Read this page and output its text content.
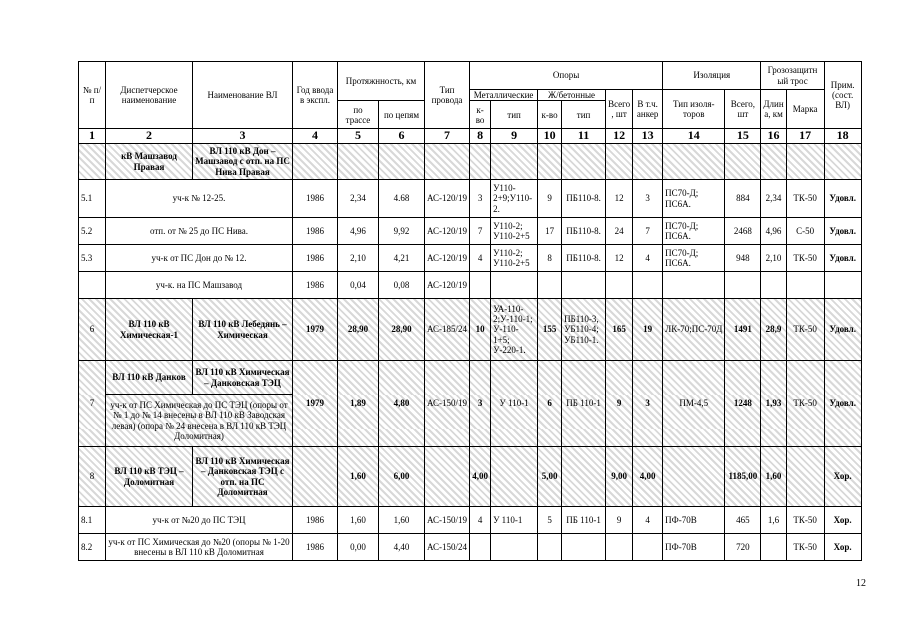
№ п/п	Диспетчерское наименование	Наименование ВЛ	Год ввода в экспл.	Протяжнность, км		Тип провода	Опоры						Изоляция		Грозозащитн ый трос		Прим. (сост. ВЛ)
							Металлические		Ж/бетонные		Всего , шт	В т.ч. анкер	Тип изоля-торов	Всего, шт	Длин а, км	Марка	
				по трассе	по цепям		к-во	тип	к-во	тип							
1	2	3	4	5	6	7	8	9	10	11	12	13	14	15	16	17	18
	кВ Машзавод Правая	ВЛ 110 кВ Дон – Машзавод с отп. на ПС Нива Правая															
5.1	уч-к № 12-25.		1986	2,34	4.68	АС-120/19	3	У110-2+9;У110-2.	9	ПБ110-8.	12	3	ПС70-Д; ПС6А.	884	2,34	ТК-50	Удовл.
5.2	отп. от № 25 до ПС Нива.		1986	4,96	9,92	АС-120/19	7	У110-2; У110-2+5	17	ПБ110-8.	24	7	ПС70-Д; ПС6А.	2468	4,96	С-50	Удовл.
5.3	уч-к от ПС Дон до № 12.		1986	2,10	4,21	АС-120/19	4	У110-2; У110-2+5	8	ПБ110-8.	12	4	ПС70-Д; ПС6А.	948	2,10	ТК-50	Удовл.
	уч-к. на ПС Машзавод		1986	0,04	0,08	АС-120/19											
6	ВЛ 110 кВ Химическая-1	ВЛ 110 кВ Лебедянь – Химическая	1979	28,90	28,90	АС-185/24	10	УА-110-2;У-110-1; У-110-1+5; У-220-1.	155	ПБ110-3, УБ110-4; УБ110-1.	165	19	ЛК-70;ПС-70Д	1491	28,9	ТК-50	Удовл.
7	ВЛ 110 кВ Данков	ВЛ 110 кВ Химическая – Данковская ТЭЦ	1979	1,89	4,80	АС-150/19	3	У 110-1	6	ПБ 110-1	9	3	ПМ-4,5	1248	1,93	ТК-50	Удовл.
	уч-к от ПС Химическая до ПС ТЭЦ (опоры от № 1 до № 14 внесены в ВЛ 110 кВ Заводская левая) (опора № 24 внесена в ВЛ 110 кВ ТЭЦ Доломитная)																
8	ВЛ 110 кВ ТЭЦ – Доломитная	ВЛ 110 кВ Химическая – Данковская ТЭЦ с отп. на ПС Доломитная		1,60	6,00		4,00		5,00		9,00	4,00		1185,00	1,60		Хор.
8.1	уч-к от №20 до ПС ТЭЦ		1986	1,60	1,60	АС-150/19	4	У 110-1	5	ПБ 110-1	9	4	ПФ-70В	465	1,6	ТК-50	Хор.
8.2	уч-к от ПС Химическая до №20 (опоры № 1-20 внесены в ВЛ 110 кВ Доломитная		1986	0,00	4,40	АС-150/24							ПФ-70В	720		ТК-50	Хор.
12
